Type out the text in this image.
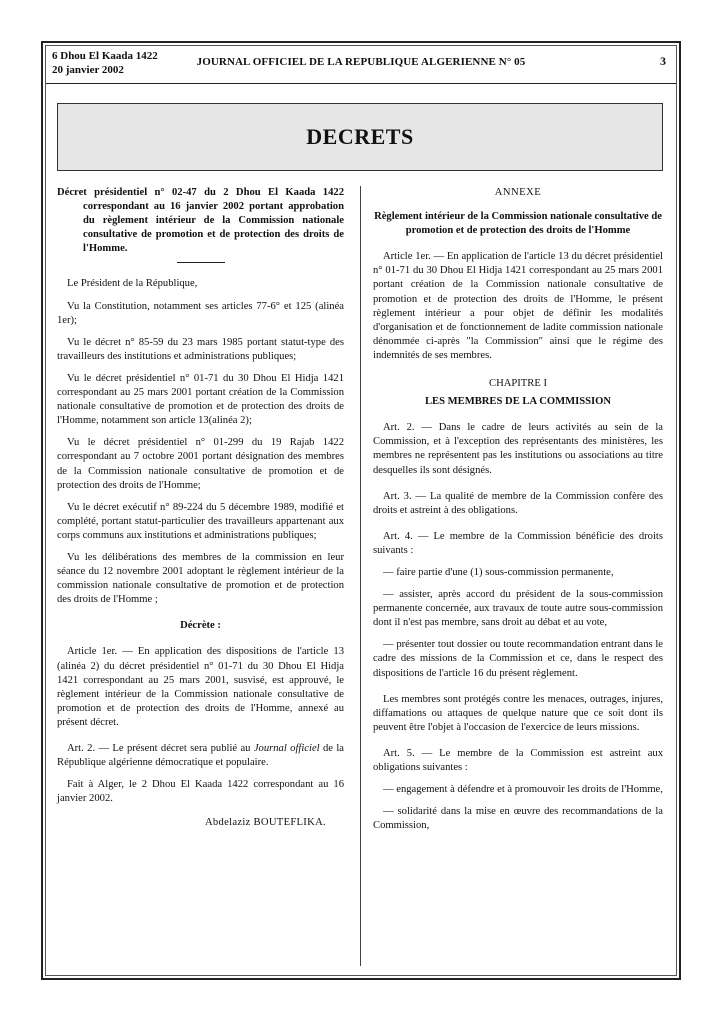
6 Dhou El Kaada 1422
20 janvier 2002
JOURNAL OFFICIEL DE LA REPUBLIQUE ALGERIENNE N° 05	3
DECRETS
Décret présidentiel n° 02-47 du 2 Dhou El Kaada 1422 correspondant au 16 janvier 2002 portant approbation du règlement intérieur de la Commission nationale consultative de promotion et de protection des droits de l'Homme.

Le Président de la République,

Vu la Constitution, notamment ses articles 77-6° et 125 (alinéa 1er);

Vu le décret n° 85-59 du 23 mars 1985 portant statut-type des travailleurs des institutions et administrations publiques;

Vu le décret présidentiel n° 01-71 du 30 Dhou El Hidja 1421 correspondant au 25 mars 2001 portant création de la Commission nationale consultative de promotion et de protection des droits de l'Homme, notamment son article 13(alinéa 2);

Vu le décret présidentiel n° 01-299 du 19 Rajab 1422 correspondant au 7 octobre 2001 portant désignation des membres de la Commission nationale consultative de promotion et de protection des droits de l'Homme;

Vu le décret exécutif n° 89-224 du 5 décembre 1989, modifié et complété, portant statut-particulier des travailleurs appartenant aux corps communs aux institutions et administrations publiques;

Vu les délibérations des membres de la commission en leur séance du 12 novembre 2001 adoptant le règlement intérieur de la commission nationale consultative de promotion et de protection des droits de l'Homme ;

Décrète :

Article 1er. — En application des dispositions de l'article 13 (alinéa 2) du décret présidentiel n° 01-71 du 30 Dhou El Hidja 1421 correspondant au 25 mars 2001, susvisé, est approuvé, le règlement intérieur de la Commission nationale consultative de promotion et de protection des droits de l'Homme, annexé au présent décret.

Art. 2. — Le présent décret sera publié au Journal officiel de la République algérienne démocratique et populaire.

Fait à Alger, le 2 Dhou El Kaada 1422 correspondant au 16 janvier 2002.

Abdelaziz BOUTEFLIKA.

ANNEXE

Règlement intérieur de la Commission nationale consultative de promotion et de protection des droits de l'Homme

Article 1er. — En application de l'article 13 du décret présidentiel n° 01-71 du 30 Dhou El Hidja 1421 correspondant au 25 mars 2001 portant création de la Commission nationale consultative de promotion et de protection des droits de l'Homme, le présent règlement intérieur a pour objet de définir les modalités d'organisation et de fonctionnement de ladite commission nationale dénommée ci-après "la Commission" ainsi que le régime des indemnités de ses membres.

CHAPITRE I

LES MEMBRES DE LA COMMISSION

Art. 2. — Dans le cadre de leurs activités au sein de la Commission, et à l'exception des représentants des ministères, les membres ne représentent pas les institutions ou associations au titre desquelles ils sont désignés.

Art. 3. — La qualité de membre de la Commission confère des droits et astreint à des obligations.

Art. 4. — Le membre de la Commission bénéficie des droits suivants :

— faire partie d'une (1) sous-commission permanente,

— assister, après accord du président de la sous-commission permanente concernée, aux travaux de toute autre sous-commission dont il n'est pas membre, sans droit au débat et au vote,

— présenter tout dossier ou toute recommandation entrant dans le cadre des missions de la Commission et ce, dans le respect des dispositions de l'article 16 du présent règlement.

Les membres sont protégés contre les menaces, outrages, injures, diffamations ou attaques de quelque nature que ce soit dont ils peuvent être l'objet à l'occasion de l'exercice de leurs missions.

Art. 5. — Le membre de la Commission est astreint aux obligations suivantes :

— engagement à défendre et à promouvoir les droits de l'Homme,

— solidarité dans la mise en œuvre des recommandations de la Commission,
